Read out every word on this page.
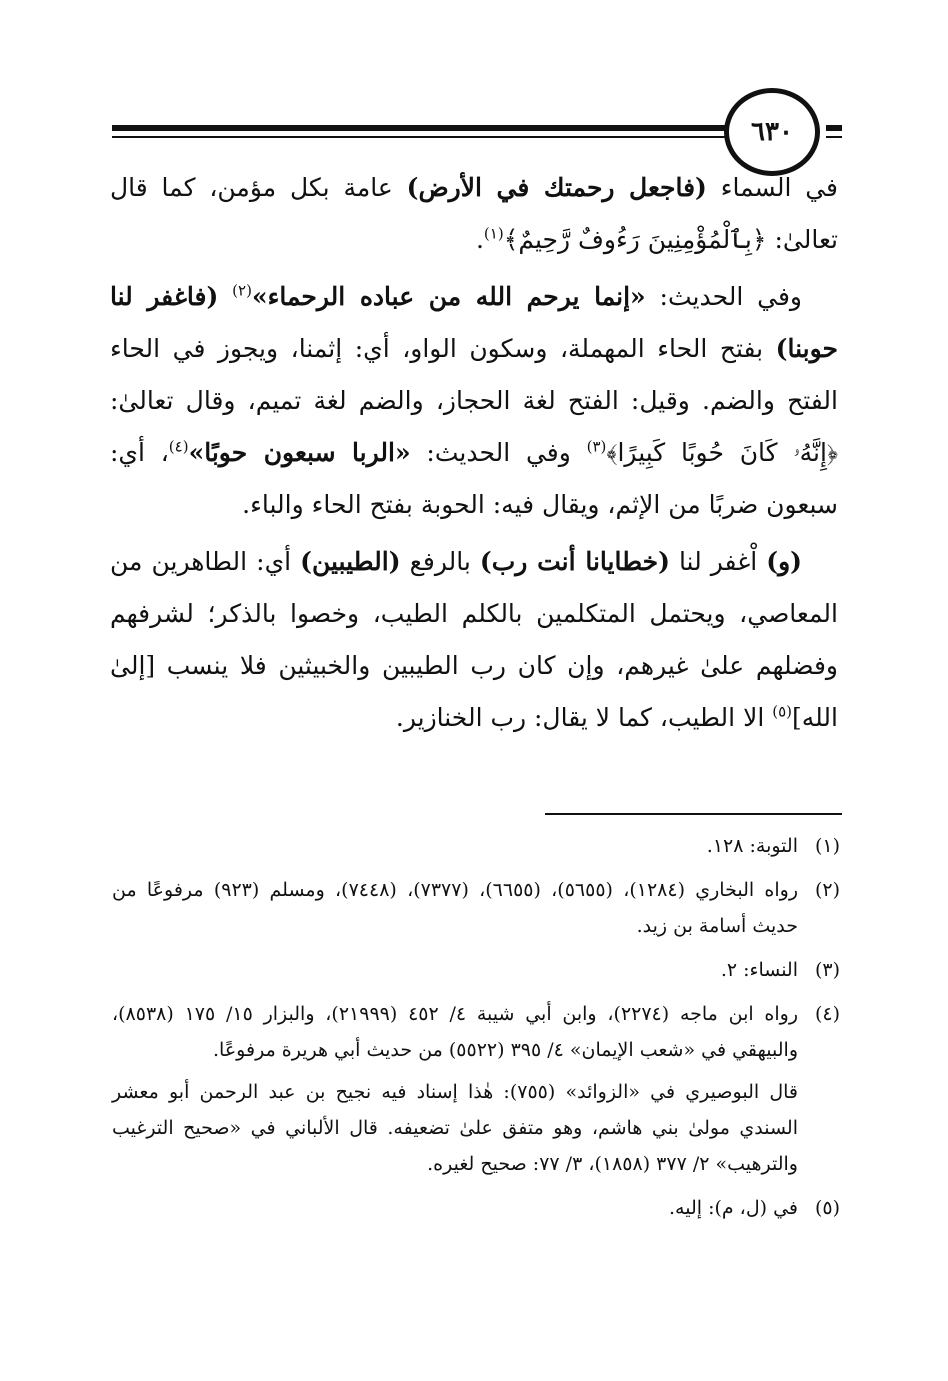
٦٣٠

في السماء (فاجعل رحمتك في الأرض) عامة بكل مؤمن، كما قال تعالىٰ: ﴿بِٱلْمُؤْمِنِينَ رَءُوفٌ رَّحِيمٌ﴾$^{(١)}$.

وفي الحديث: «إنما يرحم الله من عباده الرحماء»$^{(٢)}$ (فاغفر لنا حوبنا) بفتح الحاء المهملة، وسكون الواو، أي: إثمنا، ويجوز في الحاء الفتح والضم. وقيل: الفتح لغة الحجاز، والضم لغة تميم، وقال تعالىٰ: ﴿إِنَّهُۥ كَانَ حُوبًا كَبِيرًا﴾$^{(٣)}$ وفي الحديث: «الربا سبعون حوبًا»$^{(٤)}$، أي: سبعون ضربًا من الإثم، ويقال فيه: الحوبة بفتح الحاء والباء.

(و) اْغفر لنا (خطايانا أنت رب) بالرفع (الطيبين) أي: الطاهرين من المعاصي، ويحتمل المتكلمين بالكلم الطيب، وخصوا بالذكر؛ لشرفهم وفضلهم علىٰ غيرهم، وإن كان رب الطيبين والخبيثين فلا ينسب [إلىٰ الله]$^{(٥)}$ الا الطيب، كما لا يقال: رب الخنازير.

(١)

التوبة: ١٢٨.

(٢)

رواه البخاري (١٢٨٤)، (٥٦٥٥)، (٦٦٥٥)، (٧٣٧٧)، (٧٤٤٨)، ومسلم (٩٢٣) مرفوعًا من حديث أسامة بن زيد.

(٣)

النساء: ٢.

(٤)

رواه ابن ماجه (٢٢٧٤)، وابن أبي شيبة ٤/ ٤٥٢ (٢١٩٩٩)، والبزار ١٥/ ١٧٥ (٨٥٣٨)، والبيهقي في «شعب الإيمان» ٤/ ٣٩٥ (٥٥٢٢) من حديث أبي هريرة مرفوعًا.

قال البوصيري في «الزوائد» (٧٥٥): هٰذا إسناد فيه نجيح بن عبد الرحمن أبو معشر السندي مولىٰ بني هاشم، وهو متفق علىٰ تضعيفه. قال الألباني في «صحيح الترغيب والترهيب» ٢/ ٣٧٧ (١٨٥٨)، ٣/ ٧٧: صحيح لغيره.

(٥)

في (ل، م): إليه.
